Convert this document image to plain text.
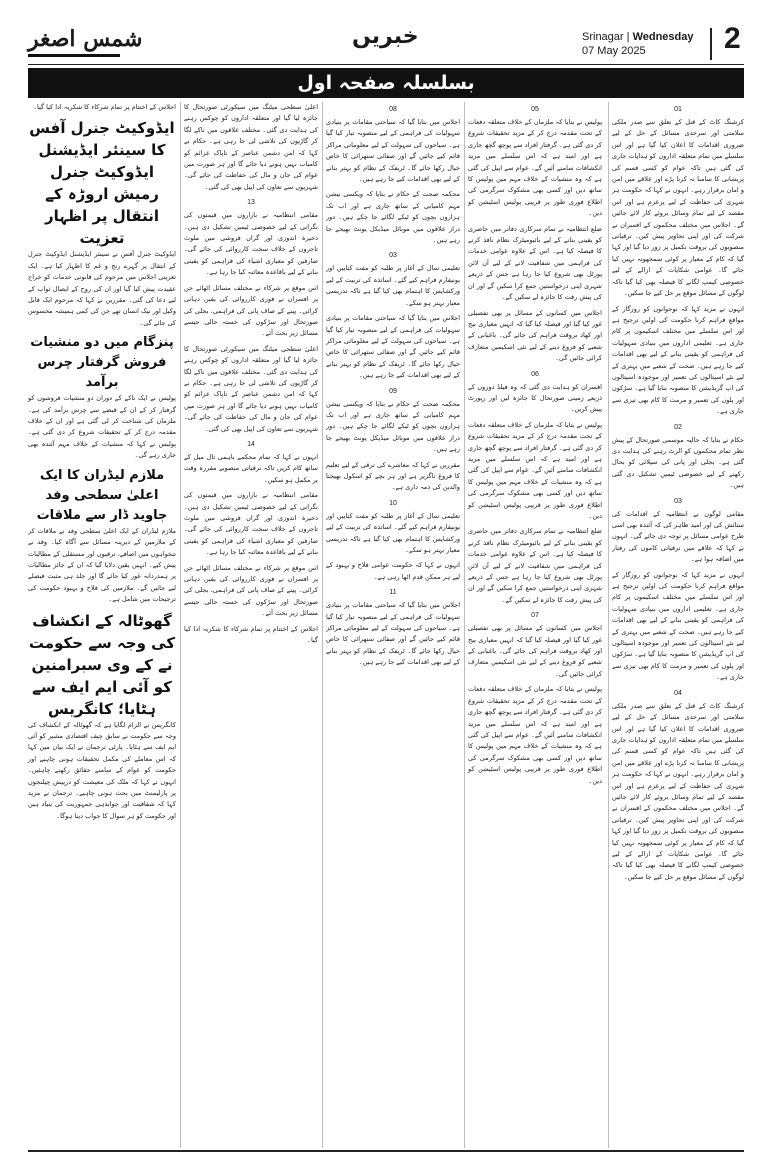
شمس اصغر	خبریں	Srinagar | Wednesday
07 May 2025	2
بسلسلہ صفحہ اول
01

کرشنگ کاٹ کے قتل کے تعلق سے صدر ملکی سلامتی اور سرحدی مسائل کے حل کے لیے ضروری اقدامات کا اعلان کیا گیا ہے اور اس سلسلے میں تمام متعلقہ اداروں کو ہدایات جاری کی گئی ہیں تاکہ عوام کو کسی قسم کی پریشانی کا سامنا نہ کرنا پڑے اور علاقے میں امن و امان برقرار رہے۔ انہوں نے کہا کہ حکومت ہر شہری کی حفاظت کے لیے پرعزم ہے اور اس مقصد کے لیے تمام وسائل بروئے کار لائے جائیں گے۔ اجلاس میں مختلف محکموں کے افسران نے شرکت کی اور اپنی تجاویز پیش کیں۔ ترقیاتی منصوبوں کی بروقت تکمیل پر زور دیا گیا اور کہا گیا کہ کام کے معیار پر کوئی سمجھوتہ نہیں کیا جائے گا۔ عوامی شکایات کے ازالے کے لیے خصوصی کیمپ لگانے کا فیصلہ بھی کیا گیا تاکہ لوگوں کے مسائل موقع پر حل کیے جا سکیں۔

انہوں نے مزید کہا کہ نوجوانوں کو روزگار کے مواقع فراہم کرنا حکومت کی اولین ترجیح ہے اور اس سلسلے میں مختلف اسکیموں پر کام جاری ہے۔ تعلیمی اداروں میں بنیادی سہولیات کی فراہمی کو یقینی بنانے کے لیے بھی اقدامات کیے جا رہے ہیں۔ صحت کے شعبے میں بہتری کے لیے نئے اسپتالوں کی تعمیر اور موجودہ اسپتالوں کی اپ گریڈیشن کا منصوبہ بنایا گیا ہے۔ سڑکوں اور پلوں کی تعمیر و مرمت کا کام بھی تیزی سے جاری ہے۔

02

حکام نے بتایا کہ حالیہ موسمی صورتحال کے پیش نظر تمام محکموں کو الرٹ رہنے کی ہدایت دی گئی ہے۔ بجلی اور پانی کی سپلائی کو بحال رکھنے کے لیے خصوصی ٹیمیں تشکیل دی گئی ہیں۔

03

مقامی لوگوں نے انتظامیہ کے اقدامات کی ستائش کی اور امید ظاہر کی کہ آئندہ بھی اسی طرح عوامی مسائل پر توجہ دی جائے گی۔ انہوں نے کہا کہ علاقے میں ترقیاتی کاموں کی رفتار میں اضافہ ہوا ہے۔

انہوں نے مزید کہا کہ نوجوانوں کو روزگار کے مواقع فراہم کرنا حکومت کی اولین ترجیح ہے اور اس سلسلے میں مختلف اسکیموں پر کام جاری ہے۔ تعلیمی اداروں میں بنیادی سہولیات کی فراہمی کو یقینی بنانے کے لیے بھی اقدامات کیے جا رہے ہیں۔ صحت کے شعبے میں بہتری کے لیے نئے اسپتالوں کی تعمیر اور موجودہ اسپتالوں کی اپ گریڈیشن کا منصوبہ بنایا گیا ہے۔ سڑکوں اور پلوں کی تعمیر و مرمت کا کام بھی تیزی سے جاری ہے۔

04

کرشنگ کاٹ کے قتل کے تعلق سے صدر ملکی سلامتی اور سرحدی مسائل کے حل کے لیے ضروری اقدامات کا اعلان کیا گیا ہے اور اس سلسلے میں تمام متعلقہ اداروں کو ہدایات جاری کی گئی ہیں تاکہ عوام کو کسی قسم کی پریشانی کا سامنا نہ کرنا پڑے اور علاقے میں امن و امان برقرار رہے۔ انہوں نے کہا کہ حکومت ہر شہری کی حفاظت کے لیے پرعزم ہے اور اس مقصد کے لیے تمام وسائل بروئے کار لائے جائیں گے۔ اجلاس میں مختلف محکموں کے افسران نے شرکت کی اور اپنی تجاویز پیش کیں۔ ترقیاتی منصوبوں کی بروقت تکمیل پر زور دیا گیا اور کہا گیا کہ کام کے معیار پر کوئی سمجھوتہ نہیں کیا جائے گا۔ عوامی شکایات کے ازالے کے لیے خصوصی کیمپ لگانے کا فیصلہ بھی کیا گیا تاکہ لوگوں کے مسائل موقع پر حل کیے جا سکیں۔

05

پولیس نے بتایا کہ ملزمان کے خلاف متعلقہ دفعات کے تحت مقدمہ درج کر کے مزید تحقیقات شروع کر دی گئی ہے۔ گرفتار افراد سے پوچھ گچھ جاری ہے اور امید ہے کہ اس سلسلے میں مزید انکشافات سامنے آئیں گے۔ عوام سے اپیل کی گئی ہے کہ وہ منشیات کے خلاف مہم میں پولیس کا ساتھ دیں اور کسی بھی مشکوک سرگرمی کی اطلاع فوری طور پر قریبی پولیس اسٹیشن کو دیں۔

ضلع انتظامیہ نے تمام سرکاری دفاتر میں حاضری کو یقینی بنانے کے لیے بائیومیٹرک نظام نافذ کرنے کا فیصلہ کیا ہے۔ اس کے علاوہ عوامی خدمات کی فراہمی میں شفافیت لانے کے لیے آن لائن پورٹل بھی شروع کیا جا رہا ہے جس کے ذریعے شہری اپنی درخواستیں جمع کرا سکیں گے اور ان کی پیش رفت کا جائزہ لے سکیں گے۔

اجلاس میں کسانوں کے مسائل پر بھی تفصیلی غور کیا گیا اور فیصلہ کیا گیا کہ انہیں معیاری بیج اور کھاد بروقت فراہم کی جائے گی۔ باغبانی کے شعبے کو فروغ دینے کے لیے نئی اسکیمیں متعارف کرائی جائیں گی۔

06

افسران کو ہدایت دی گئی کہ وہ فیلڈ دوروں کے ذریعے زمینی صورتحال کا جائزہ لیں اور رپورٹ پیش کریں۔

پولیس نے بتایا کہ ملزمان کے خلاف متعلقہ دفعات کے تحت مقدمہ درج کر کے مزید تحقیقات شروع کر دی گئی ہے۔ گرفتار افراد سے پوچھ گچھ جاری ہے اور امید ہے کہ اس سلسلے میں مزید انکشافات سامنے آئیں گے۔ عوام سے اپیل کی گئی ہے کہ وہ منشیات کے خلاف مہم میں پولیس کا ساتھ دیں اور کسی بھی مشکوک سرگرمی کی اطلاع فوری طور پر قریبی پولیس اسٹیشن کو دیں۔

ضلع انتظامیہ نے تمام سرکاری دفاتر میں حاضری کو یقینی بنانے کے لیے بائیومیٹرک نظام نافذ کرنے کا فیصلہ کیا ہے۔ اس کے علاوہ عوامی خدمات کی فراہمی میں شفافیت لانے کے لیے آن لائن پورٹل بھی شروع کیا جا رہا ہے جس کے ذریعے شہری اپنی درخواستیں جمع کرا سکیں گے اور ان کی پیش رفت کا جائزہ لے سکیں گے۔

07

اجلاس میں کسانوں کے مسائل پر بھی تفصیلی غور کیا گیا اور فیصلہ کیا گیا کہ انہیں معیاری بیج اور کھاد بروقت فراہم کی جائے گی۔ باغبانی کے شعبے کو فروغ دینے کے لیے نئی اسکیمیں متعارف کرائی جائیں گی۔

پولیس نے بتایا کہ ملزمان کے خلاف متعلقہ دفعات کے تحت مقدمہ درج کر کے مزید تحقیقات شروع کر دی گئی ہے۔ گرفتار افراد سے پوچھ گچھ جاری ہے اور امید ہے کہ اس سلسلے میں مزید انکشافات سامنے آئیں گے۔ عوام سے اپیل کی گئی ہے کہ وہ منشیات کے خلاف مہم میں پولیس کا ساتھ دیں اور کسی بھی مشکوک سرگرمی کی اطلاع فوری طور پر قریبی پولیس اسٹیشن کو دیں۔

08

اجلاس میں بتایا گیا کہ سیاحتی مقامات پر بنیادی سہولیات کی فراہمی کے لیے منصوبہ تیار کیا گیا ہے۔ سیاحوں کی سہولت کے لیے معلوماتی مراکز قائم کیے جائیں گے اور صفائی ستھرائی کا خاص خیال رکھا جائے گا۔ ٹریفک کے نظام کو بہتر بنانے کے لیے بھی اقدامات کیے جا رہے ہیں۔

محکمہ صحت کے حکام نے بتایا کہ ویکسی نیشن مہم کامیابی کے ساتھ جاری ہے اور اب تک ہزاروں بچوں کو ٹیکے لگائے جا چکے ہیں۔ دور دراز علاقوں میں موبائل میڈیکل یونٹ بھیجے جا رہے ہیں۔

03

تعلیمی سال کے آغاز پر طلبہ کو مفت کتابیں اور یونیفارم فراہم کیے گئے۔ اساتذہ کی تربیت کے لیے ورکشاپس کا اہتمام بھی کیا گیا ہے تاکہ تدریسی معیار بہتر ہو سکے۔

اجلاس میں بتایا گیا کہ سیاحتی مقامات پر بنیادی سہولیات کی فراہمی کے لیے منصوبہ تیار کیا گیا ہے۔ سیاحوں کی سہولت کے لیے معلوماتی مراکز قائم کیے جائیں گے اور صفائی ستھرائی کا خاص خیال رکھا جائے گا۔ ٹریفک کے نظام کو بہتر بنانے کے لیے بھی اقدامات کیے جا رہے ہیں۔

09

محکمہ صحت کے حکام نے بتایا کہ ویکسی نیشن مہم کامیابی کے ساتھ جاری ہے اور اب تک ہزاروں بچوں کو ٹیکے لگائے جا چکے ہیں۔ دور دراز علاقوں میں موبائل میڈیکل یونٹ بھیجے جا رہے ہیں۔

مقررین نے کہا کہ معاشرے کی ترقی کے لیے تعلیم کا فروغ ناگزیر ہے اور ہر بچے کو اسکول بھیجنا والدین کی ذمہ داری ہے۔

10

تعلیمی سال کے آغاز پر طلبہ کو مفت کتابیں اور یونیفارم فراہم کیے گئے۔ اساتذہ کی تربیت کے لیے ورکشاپس کا اہتمام بھی کیا گیا ہے تاکہ تدریسی معیار بہتر ہو سکے۔

انہوں نے کہا کہ حکومت عوامی فلاح و بہبود کے لیے ہر ممکن قدم اٹھا رہی ہے۔

11

اجلاس میں بتایا گیا کہ سیاحتی مقامات پر بنیادی سہولیات کی فراہمی کے لیے منصوبہ تیار کیا گیا ہے۔ سیاحوں کی سہولت کے لیے معلوماتی مراکز قائم کیے جائیں گے اور صفائی ستھرائی کا خاص خیال رکھا جائے گا۔ ٹریفک کے نظام کو بہتر بنانے کے لیے بھی اقدامات کیے جا رہے ہیں۔

اعلیٰ سطحی میٹنگ میں سیکورٹی صورتحال کا جائزہ لیا گیا اور متعلقہ اداروں کو چوکس رہنے کی ہدایت دی گئی۔ مختلف علاقوں میں ناکے لگا کر گاڑیوں کی تلاشی لی جا رہی ہے۔ حکام نے کہا کہ امن دشمن عناصر کے ناپاک عزائم کو کامیاب نہیں ہونے دیا جائے گا اور ہر صورت میں عوام کی جان و مال کی حفاظت کی جائے گی۔ شہریوں سے تعاون کی اپیل بھی کی گئی۔

13

مقامی انتظامیہ نے بازاروں میں قیمتوں کی نگرانی کے لیے خصوصی ٹیمیں تشکیل دی ہیں۔ ذخیرہ اندوزی اور گراں فروشی میں ملوث تاجروں کے خلاف سخت کارروائی کی جائے گی۔ صارفین کو معیاری اشیاء کی فراہمی کو یقینی بنانے کے لیے باقاعدہ معائنہ کیا جا رہا ہے۔

اس موقع پر شرکاء نے مختلف مسائل اٹھائے جن پر افسران نے فوری کارروائی کی یقین دہانی کرائی۔ پینے کے صاف پانی کی فراہمی، بجلی کی صورتحال اور سڑکوں کی خستہ حالی جیسے مسائل زیر بحث آئے۔

اعلیٰ سطحی میٹنگ میں سیکورٹی صورتحال کا جائزہ لیا گیا اور متعلقہ اداروں کو چوکس رہنے کی ہدایت دی گئی۔ مختلف علاقوں میں ناکے لگا کر گاڑیوں کی تلاشی لی جا رہی ہے۔ حکام نے کہا کہ امن دشمن عناصر کے ناپاک عزائم کو کامیاب نہیں ہونے دیا جائے گا اور ہر صورت میں عوام کی جان و مال کی حفاظت کی جائے گی۔ شہریوں سے تعاون کی اپیل بھی کی گئی۔

14

انہوں نے کہا کہ تمام محکمے باہمی تال میل کے ساتھ کام کریں تاکہ ترقیاتی منصوبے مقررہ وقت پر مکمل ہو سکیں۔

مقامی انتظامیہ نے بازاروں میں قیمتوں کی نگرانی کے لیے خصوصی ٹیمیں تشکیل دی ہیں۔ ذخیرہ اندوزی اور گراں فروشی میں ملوث تاجروں کے خلاف سخت کارروائی کی جائے گی۔ صارفین کو معیاری اشیاء کی فراہمی کو یقینی بنانے کے لیے باقاعدہ معائنہ کیا جا رہا ہے۔

اس موقع پر شرکاء نے مختلف مسائل اٹھائے جن پر افسران نے فوری کارروائی کی یقین دہانی کرائی۔ پینے کے صاف پانی کی فراہمی، بجلی کی صورتحال اور سڑکوں کی خستہ حالی جیسے مسائل زیر بحث آئے۔

اجلاس کے اختتام پر تمام شرکاء کا شکریہ ادا کیا گیا۔

اجلاس کے اختتام پر تمام شرکاء کا شکریہ ادا کیا گیا۔

ایڈوکیٹ جنرل آفس کا سینئر ایڈیشنل ایڈوکیٹ جنرل رمیش اروڑہ کے انتقال پر اظہار تعزیت

ایڈوکیٹ جنرل آفس نے سینئر ایڈیشنل ایڈوکیٹ جنرل کے انتقال پر گہرے رنج و غم کا اظہار کیا ہے۔ ایک تعزیتی اجلاس میں مرحوم کی قانونی خدمات کو خراج عقیدت پیش کیا گیا اور ان کی روح کے ایصال ثواب کے لیے دعا کی گئی۔ مقررین نے کہا کہ مرحوم ایک قابل وکیل اور نیک انسان تھے جن کی کمی ہمیشہ محسوس کی جائے گی۔

پنزگام میں دو منشیات فروش گرفتار چرس برآمد

پولیس نے ایک ناکے کے دوران دو منشیات فروشوں کو گرفتار کر کے ان کے قبضے سے چرس برآمد کی ہے۔ ملزمان کی شناخت کر لی گئی ہے اور ان کے خلاف مقدمہ درج کر کے تحقیقات شروع کر دی گئی ہے۔ پولیس نے کہا کہ منشیات کے خلاف مہم آئندہ بھی جاری رہے گی۔

ملازم لیڈران کا ایک اعلیٰ سطحی وفد جاوید ڈار سے ملاقات

ملازم لیڈران کے ایک اعلیٰ سطحی وفد نے ملاقات کر کے ملازمین کے دیرینہ مسائل سے آگاہ کیا۔ وفد نے تنخواہوں میں اضافے، ترقیوں اور مستقلی کے مطالبات پیش کیے۔ انہیں یقین دلایا گیا کہ ان کے جائز مطالبات پر ہمدردانہ غور کیا جائے گا اور جلد ہی مثبت فیصلے لیے جائیں گے۔ ملازمین کی فلاح و بہبود حکومت کی ترجیحات میں شامل ہے۔

گھوٹالہ کے انکشاف کی وجہ سے حکومت نے کے وی سبرامنین کو آئی ایم ایف سے ہٹایا؛ کانگریس

کانگریس نے الزام لگایا ہے کہ گھوٹالہ کے انکشاف کی وجہ سے حکومت نے سابق چیف اقتصادی مشیر کو آئی ایم ایف سے ہٹایا۔ پارٹی ترجمان نے ایک بیان میں کہا کہ اس معاملے کی مکمل تحقیقات ہونی چاہیے اور حکومت کو عوام کے سامنے حقائق رکھنے چاہئیں۔ انہوں نے کہا کہ ملک کی معیشت کو درپیش چیلنجوں پر پارلیمنٹ میں بحث ہونی چاہیے۔ ترجمان نے مزید کہا کہ شفافیت اور جوابدہی جمہوریت کی بنیاد ہیں اور حکومت کو ہر سوال کا جواب دینا ہوگا۔
